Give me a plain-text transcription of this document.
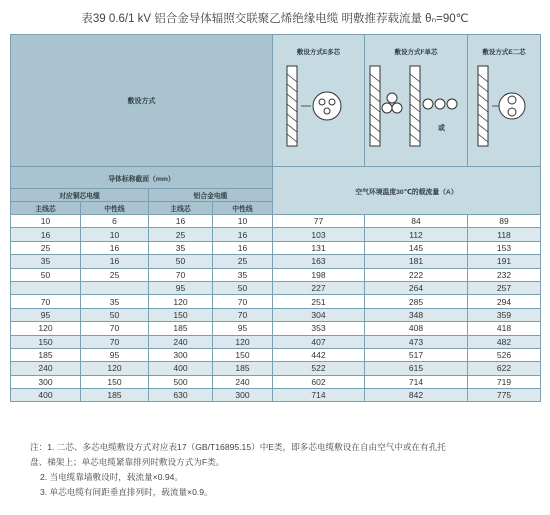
表39 0.6/1 kV 铝合金导体辐照交联聚乙烯绝缘电缆 明敷推荐载流量 θₙ=90℃
敷设方式				敷设方式E多芯	敷设方式F单芯
或	敷设方式E二芯

导体标称截面（mm）				空气环境温度30℃的载流量（A）		
对应铜芯电缆		铝合金电缆				
主线芯	中性线	主线芯	中性线			
10	6	16	10	77	84	89
16	10	25	16	103	112	118
25	16	35	16	131	145	153
35	16	50	25	163	181	191
50	25	70	35	198	222	232
		95	50	227	264	257
70	35	120	70	251	285	294
95	50	150	70	304	348	359
120	70	185	95	353	408	418
150	70	240	120	407	473	482
185	95	300	150	442	517	526
240	120	400	185	522	615	622
300	150	500	240	602	714	719
400	185	630	300	714	842	775
注：1. 二芯、多芯电缆敷设方式对应表17（GB/T16895.15）中E类，即多芯电缆敷设在自由空气中或在有孔托
盘、梯架上；单芯电缆紧靠排列时敷设方式为F类。
2. 当电缆靠墙敷设时，载流量×0.94。
3. 单芯电缆有间距垂直排列时，载流量×0.9。
